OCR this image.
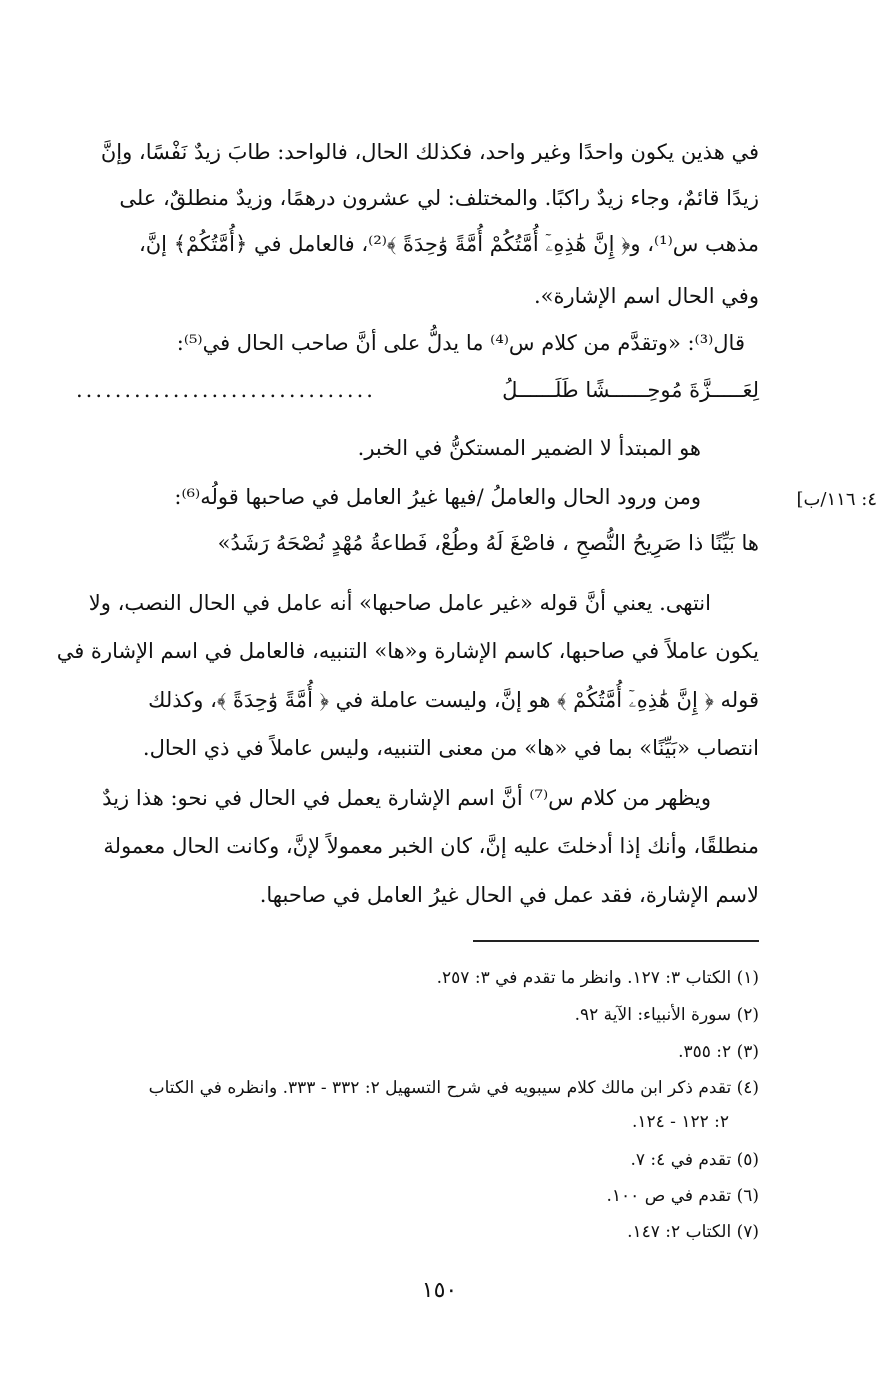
في هذين يكون واحدًا وغير واحد، فكذلك الحال، فالواحد: طابَ زيدٌ نَفْسًا، وإنَّ
زيدًا قائمٌ، وجاء زيدٌ راكبًا. والمختلف: لي عشرون درهمًا، وزيدٌ منطلقٌ، على
مذهب س⁽¹⁾، و﴿ إِنَّ هَٰذِهِۦٓ أُمَّتُكُمْ أُمَّةً وَٰحِدَةً ﴾⁽²⁾، فالعامل في ﴿أُمَّتُكُمْ﴾ إنَّ،
وفي الحال اسم الإشارة».
قال⁽³⁾: «وتقدَّم من كلام س⁽⁴⁾ ما يدلُّ على أنَّ صاحب الحال في⁽⁵⁾:
لِعَـــــزَّةَ مُوحِــــــشًا طَلَــــــلُ
...............................
هو المبتدأ لا الضمير المستكنُّ في الخبر.
ومن ورود الحال والعاملُ /فيها غيرُ العامل في صاحبها قولُه⁽⁶⁾:
ها بَيِّنًا ذا صَرِيحُ النُّصحِ ، فاصْغَ لَهُ وطُعْ، فَطاعةُ مُهْدٍ نُصْحَهُ رَشَدُ»
انتهى. يعني أنَّ قوله «غير عامل صاحبها» أنه عامل في الحال النصب، ولا
يكون عاملاً في صاحبها، كاسم الإشارة و«ها» التنبيه، فالعامل في اسم الإشارة في
قوله ﴿ إِنَّ هَٰذِهِۦٓ أُمَّتُكُمْ ﴾ هو إنَّ، وليست عاملة في ﴿ أُمَّةً وَٰحِدَةً ﴾، وكذلك
انتصاب «بَيِّنًا» بما في «ها» من معنى التنبيه، وليس عاملاً في ذي الحال.
ويظهر من كلام س⁽⁷⁾ أنَّ اسم الإشارة يعمل في الحال في نحو: هذا زيدٌ
منطلقًا، وأنك إذا أدخلتَ عليه إنَّ، كان الخبر معمولاً لإنَّ، وكانت الحال معمولة
لاسم الإشارة، فقد عمل في الحال غيرُ العامل في صاحبها.
٤: ١١٦/ب]
(١) الكتاب ٣: ١٢٧. وانظر ما تقدم في ٣: ٢٥٧.
(٢) سورة الأنبياء: الآية ٩٢.
(٣) ٢: ٣٥٥.
(٤) تقدم ذكر ابن مالك كلام سيبويه في شرح التسهيل ٢: ٣٣٢ - ٣٣٣. وانظره في الكتاب
٢: ١٢٢ - ١٢٤.
(٥) تقدم في ٤: ٧.
(٦) تقدم في ص ١٠٠.
(٧) الكتاب ٢: ١٤٧.
١٥٠
